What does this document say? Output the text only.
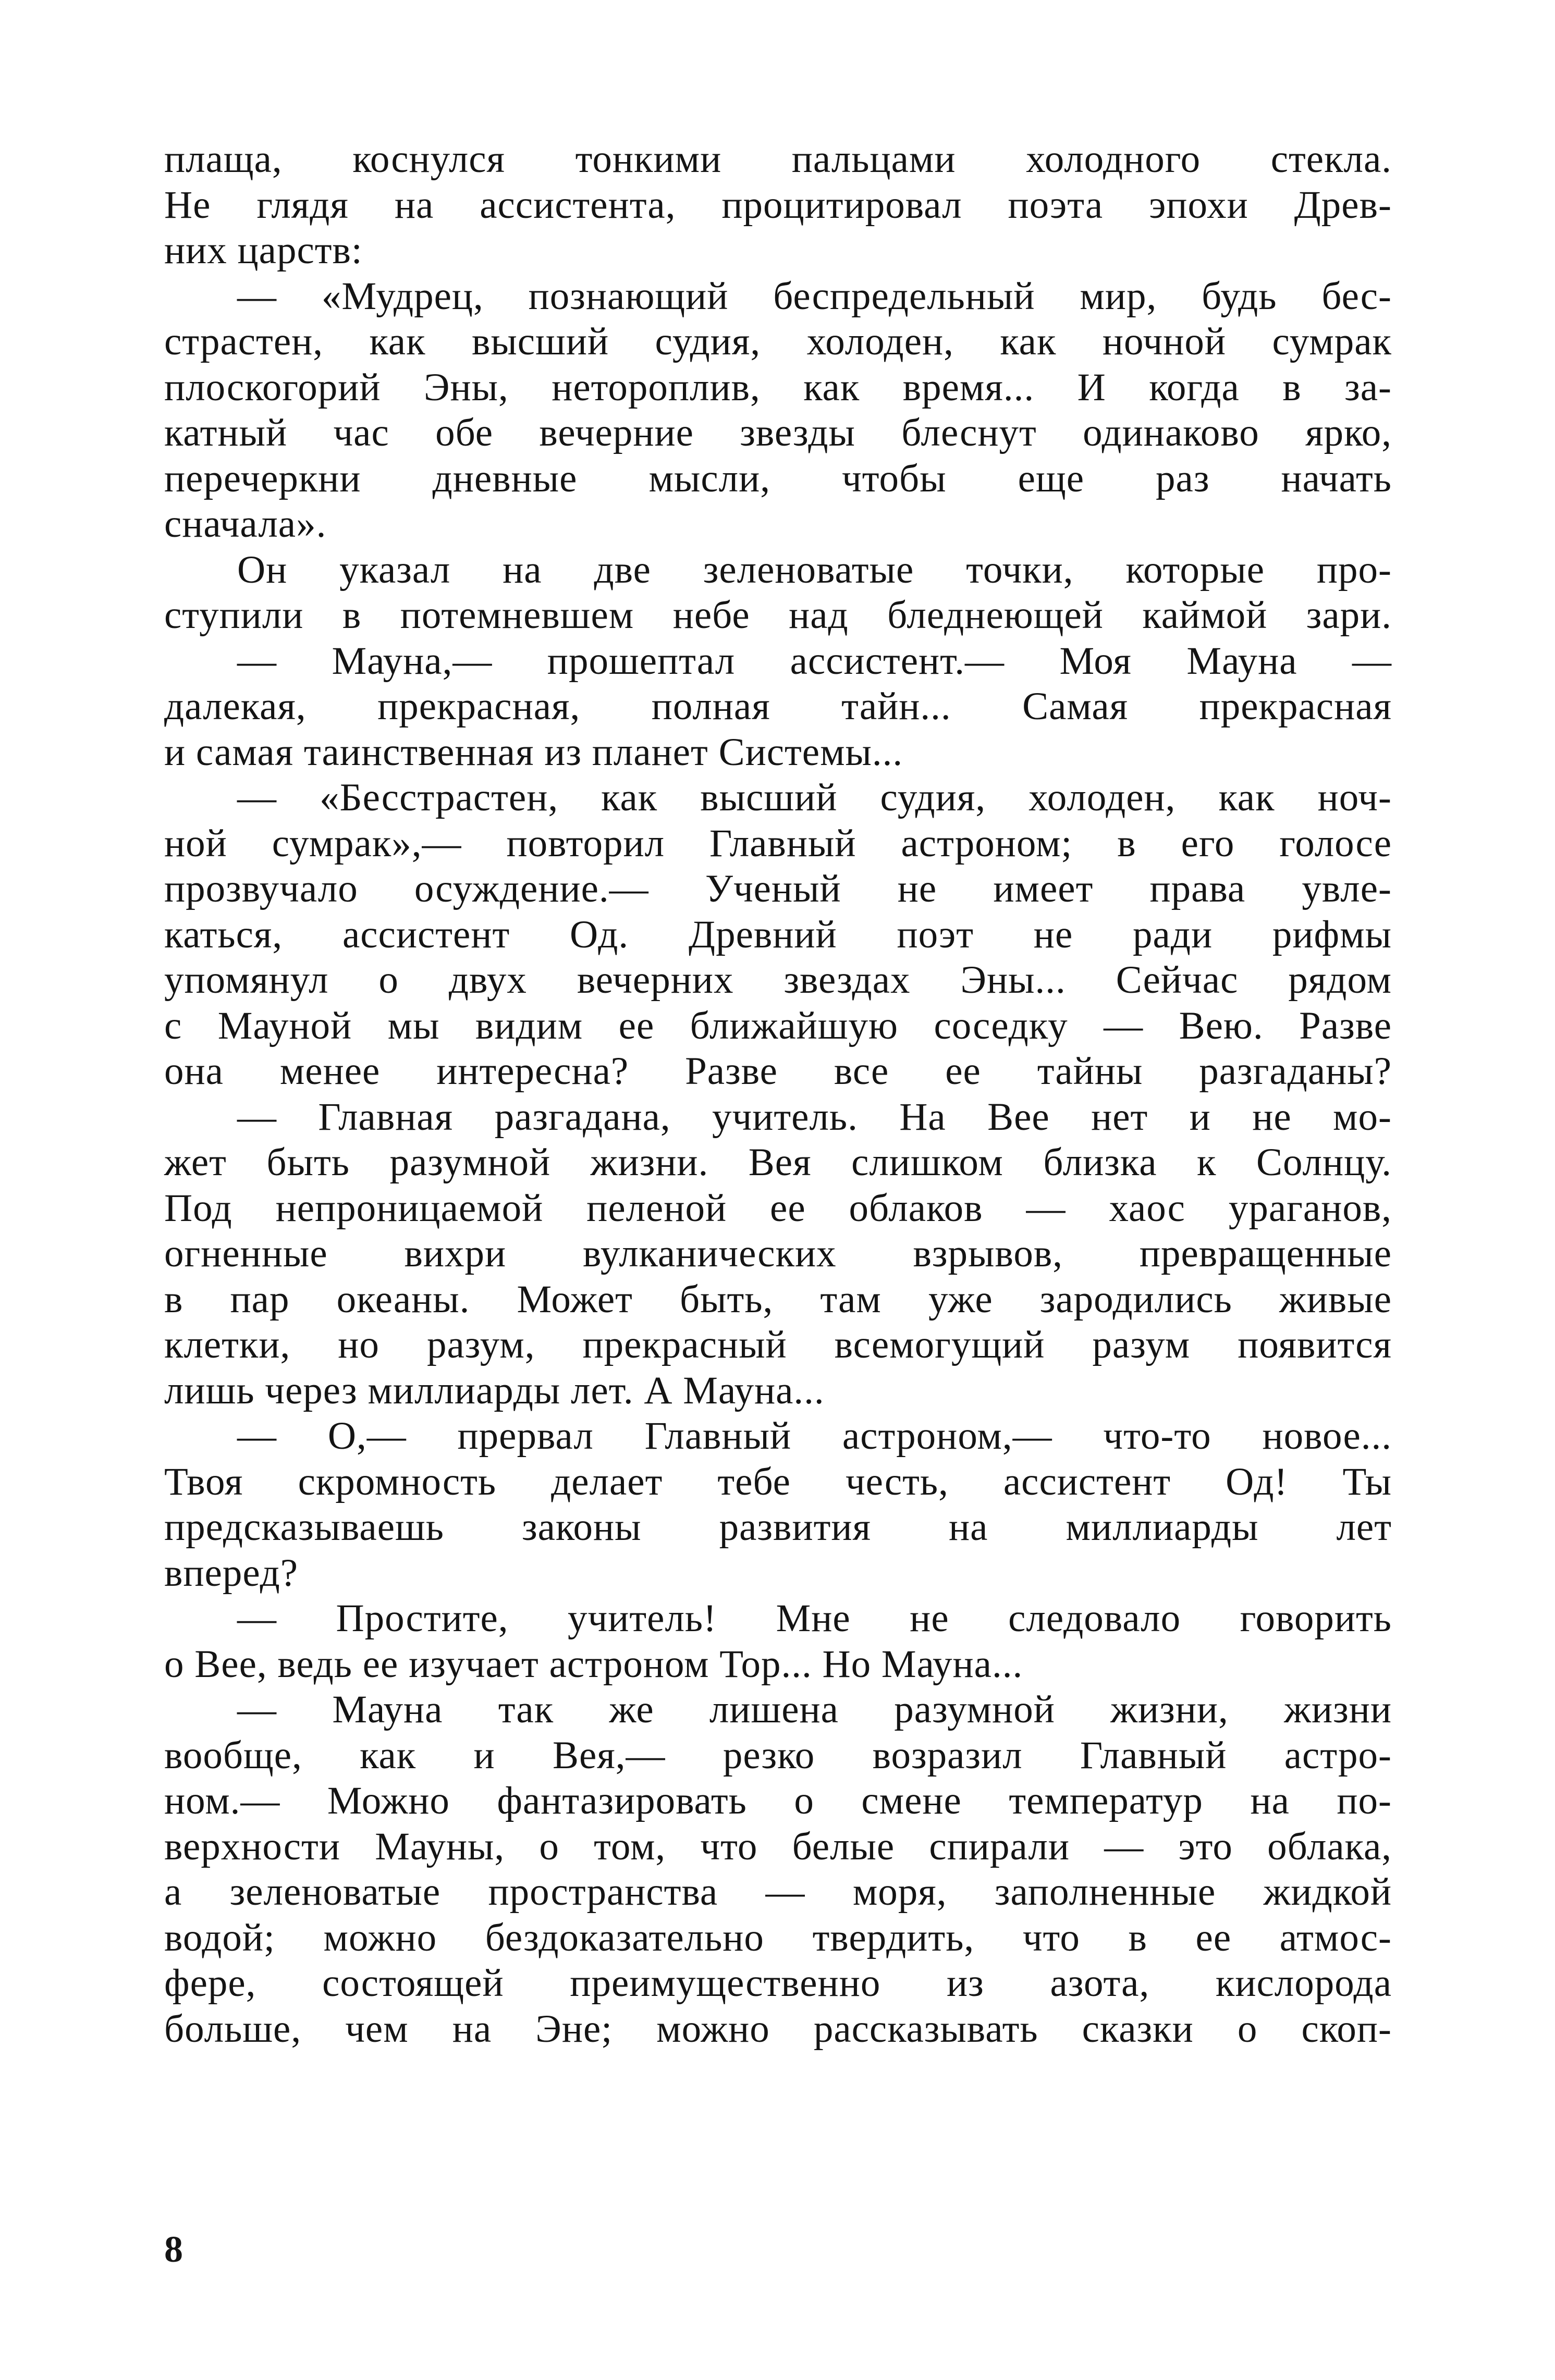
плаща, коснулся тонкими пальцами холодного стекла.
Не глядя на ассистента, процитировал поэта эпохи Древ-
них царств:
— «Мудрец, познающий беспредельный мир, будь бес-
страстен, как высший судия, холоден, как ночной сумрак
плоскогорий Эны, нетороплив, как время... И когда в за-
катный час обе вечерние звезды блеснут одинаково ярко,
перечеркни дневные мысли, чтобы еще раз начать
сначала».
Он указал на две зеленоватые точки, которые про-
ступили в потемневшем небе над бледнеющей каймой зари.
— Мауна,— прошептал ассистент.— Моя Мауна —
далекая, прекрасная, полная тайн... Самая прекрасная
и самая таинственная из планет Системы...
— «Бесстрастен, как высший судия, холоден, как ноч-
ной сумрак»,— повторил Главный астроном; в его голосе
прозвучало осуждение.— Ученый не имеет права увле-
каться, ассистент Од. Древний поэт не ради рифмы
упомянул о двух вечерних звездах Эны... Сейчас рядом
с Мауной мы видим ее ближайшую соседку — Вею. Разве
она менее интересна? Разве все ее тайны разгаданы?
— Главная разгадана, учитель. На Вее нет и не мо-
жет быть разумной жизни. Вея слишком близка к Солнцу.
Под непроницаемой пеленой ее облаков — хаос ураганов,
огненные вихри вулканических взрывов, превращенные
в пар океаны. Может быть, там уже зародились живые
клетки, но разум, прекрасный всемогущий разум появится
лишь через миллиарды лет. А Мауна...
— О,— прервал Главный астроном,— что-то новое...
Твоя скромность делает тебе честь, ассистент Од! Ты
предсказываешь законы развития на миллиарды лет
вперед?
— Простите, учитель! Мне не следовало говорить
о Вее, ведь ее изучает астроном Тор... Но Мауна...
— Мауна так же лишена разумной жизни, жизни
вообще, как и Вея,— резко возразил Главный астро-
ном.— Можно фантазировать о смене температур на по-
верхности Мауны, о том, что белые спирали — это облака,
а зеленоватые пространства — моря, заполненные жидкой
водой; можно бездоказательно твердить, что в ее атмос-
фере, состоящей преимущественно из азота, кислорода
больше, чем на Эне; можно рассказывать сказки о скоп-
8
